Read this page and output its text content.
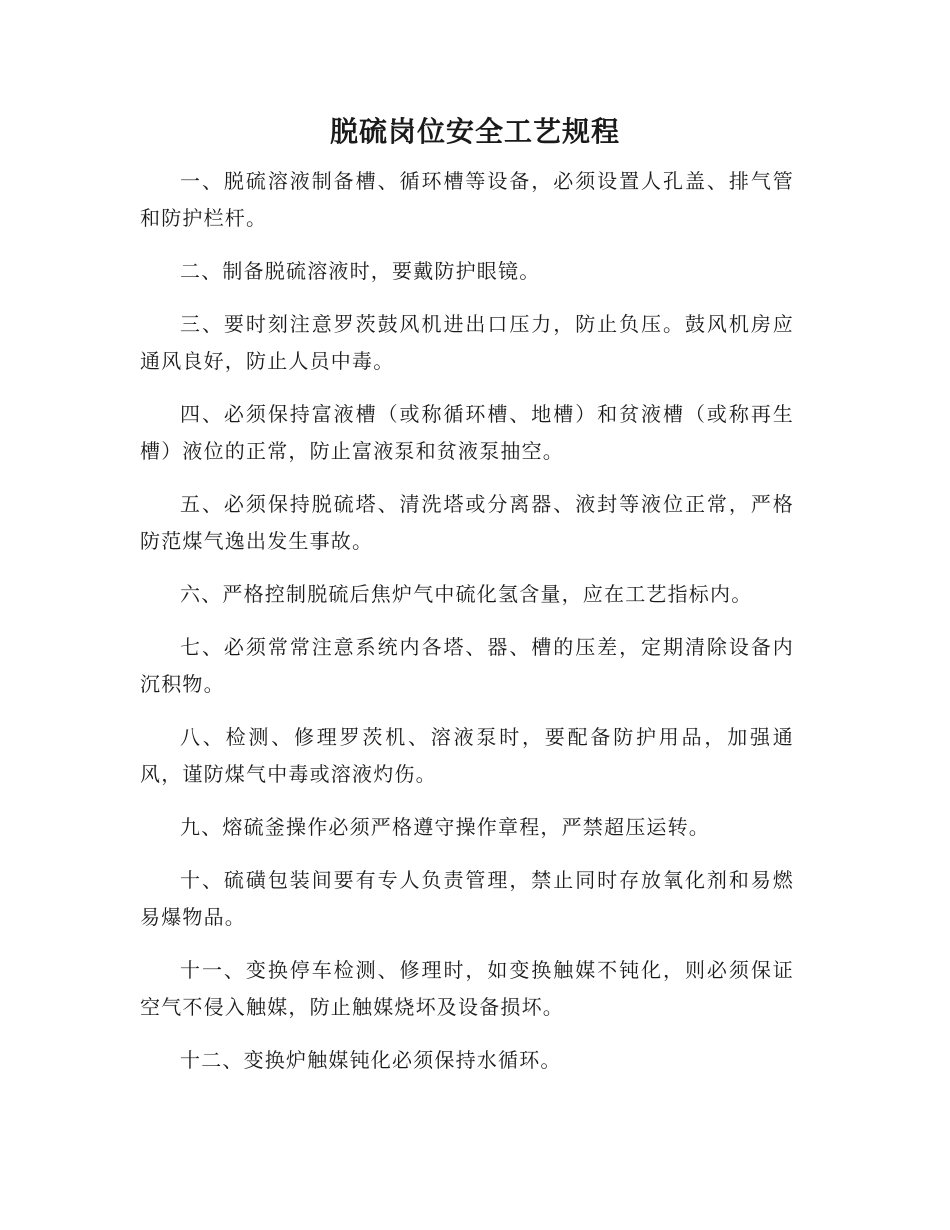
脱硫岗位安全工艺规程

一、脱硫溶液制备槽、循环槽等设备，必须设置人孔盖、排气管和防护栏杆。

二、制备脱硫溶液时，要戴防护眼镜。

三、要时刻注意罗茨鼓风机进出口压力，防止负压。鼓风机房应通风良好，防止人员中毒。

四、必须保持富液槽（或称循环槽、地槽）和贫液槽（或称再生槽）液位的正常，防止富液泵和贫液泵抽空。

五、必须保持脱硫塔、清洗塔或分离器、液封等液位正常，严格防范煤气逸出发生事故。

六、严格控制脱硫后焦炉气中硫化氢含量，应在工艺指标内。

七、必须常常注意系统内各塔、器、槽的压差，定期清除设备内沉积物。

八、检测、修理罗茨机、溶液泵时，要配备防护用品，加强通风，谨防煤气中毒或溶液灼伤。

九、熔硫釜操作必须严格遵守操作章程，严禁超压运转。

十、硫磺包装间要有专人负责管理，禁止同时存放氧化剂和易燃易爆物品。

十一、变换停车检测、修理时，如变换触媒不钝化，则必须保证空气不侵入触媒，防止触媒烧坏及设备损坏。

十二、变换炉触媒钝化必须保持水循环。
